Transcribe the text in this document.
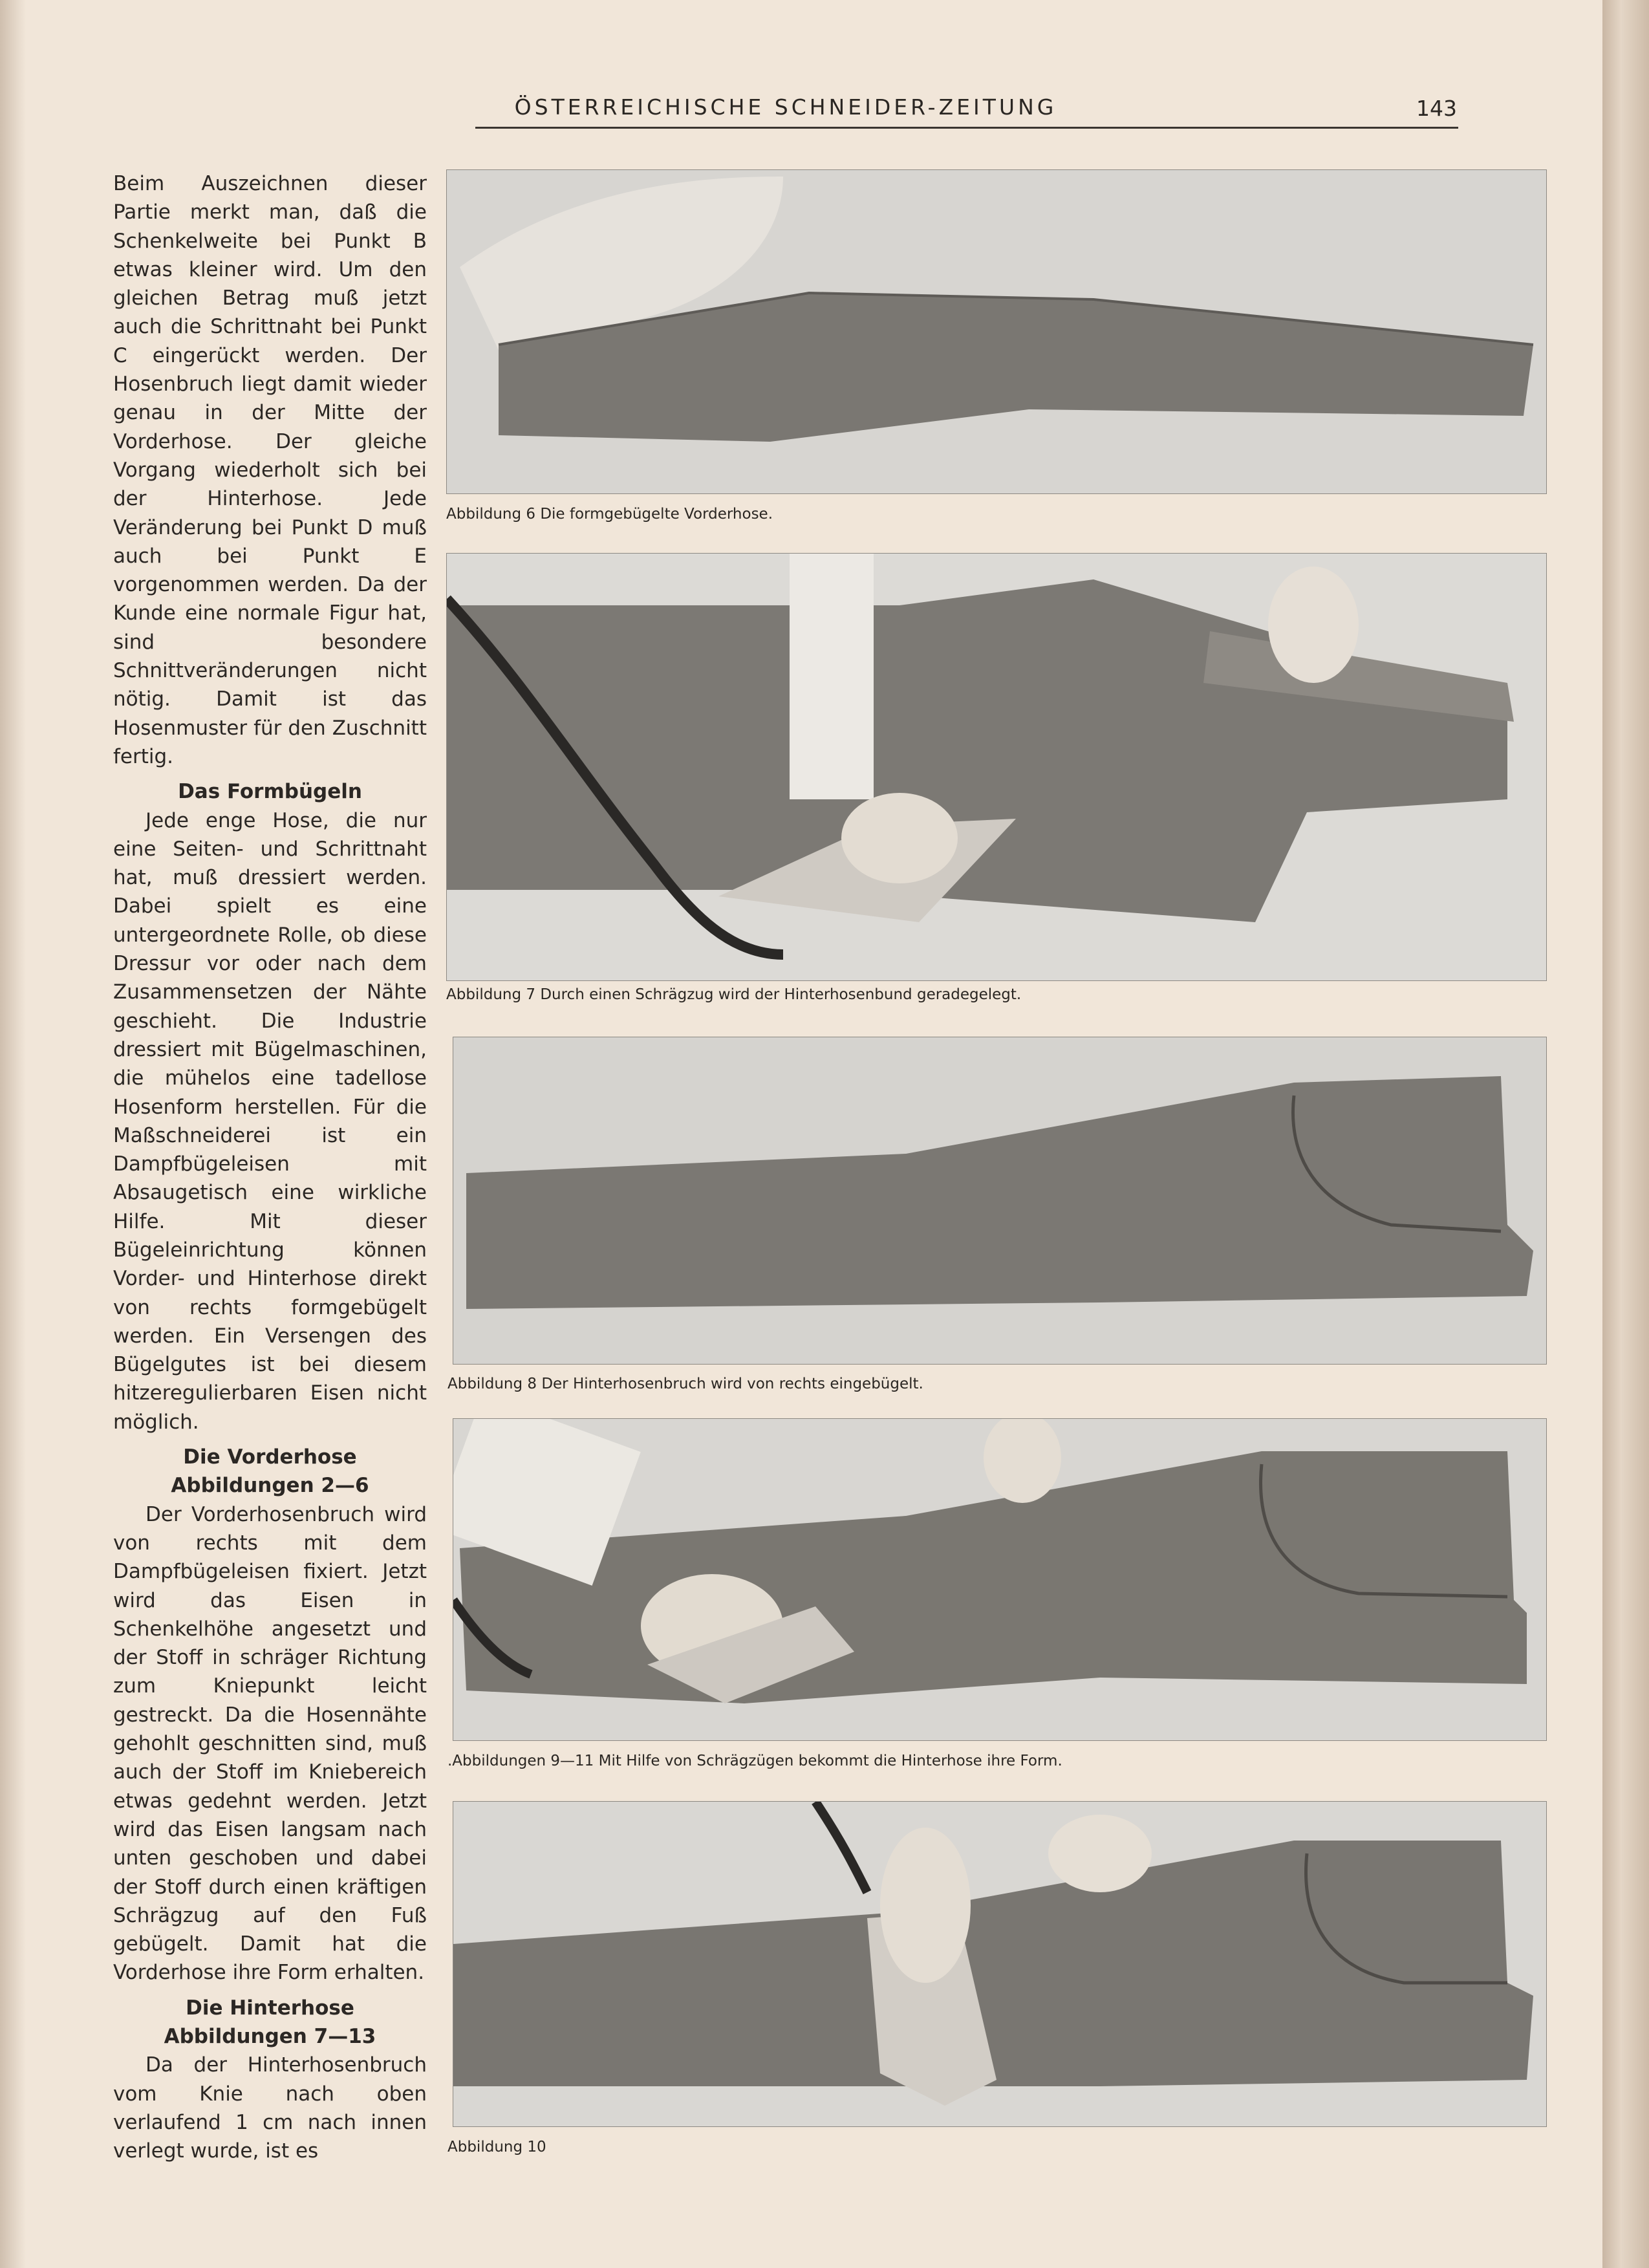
ÖSTERREICHISCHE SCHNEIDER-ZEITUNG	143

Beim Auszeichnen dieser Partie merkt man, daß die Schenkelweite bei Punkt B etwas kleiner wird. Um den gleichen Betrag muß jetzt auch die Schrittnaht bei Punkt C eingerückt werden. Der Hosenbruch liegt damit wieder genau in der Mitte der Vorderhose. Der gleiche Vorgang wiederholt sich bei der Hinterhose. Jede Veränderung bei Punkt D muß auch bei Punkt E vorgenommen werden. Da der Kunde eine normale Figur hat, sind besondere Schnittveränderungen nicht nötig. Damit ist das Hosenmuster für den Zuschnitt fertig.

Das Formbügeln

Jede enge Hose, die nur eine Seiten- und Schrittnaht hat, muß dressiert werden. Dabei spielt es eine untergeordnete Rolle, ob diese Dressur vor oder nach dem Zusammensetzen der Nähte geschieht. Die Industrie dressiert mit Bügelmaschinen, die mühelos eine tadellose Hosenform herstellen. Für die Maßschneiderei ist ein Dampfbügeleisen mit Absaugetisch eine wirkliche Hilfe. Mit dieser Bügeleinrichtung können Vorder- und Hinterhose direkt von rechts formgebügelt werden. Ein Versengen des Bügelgutes ist bei diesem hitzeregulierbaren Eisen nicht möglich.

Die Vorderhose
Abbildungen 2—6

Der Vorderhosenbruch wird von rechts mit dem Dampfbügeleisen fixiert. Jetzt wird das Eisen in Schenkelhöhe angesetzt und der Stoff in schräger Richtung zum Kniepunkt leicht gestreckt. Da die Hosennähte gehohlt geschnitten sind, muß auch der Stoff im Kniebereich etwas gedehnt werden. Jetzt wird das Eisen langsam nach unten geschoben und dabei der Stoff durch einen kräftigen Schrägzug auf den Fuß gebügelt. Damit hat die Vorderhose ihre Form erhalten.

Die Hinterhose
Abbildungen 7—13

Da der Hinterhosenbruch vom Knie nach oben verlaufend 1 cm nach innen verlegt wurde, ist es

Abbildung 6 Die formgebügelte Vorderhose.
Abbildung 7 Durch einen Schrägzug wird der Hinterhosenbund geradegelegt.
Abbildung 8 Der Hinterhosenbruch wird von rechts eingebügelt.
.Abbildungen 9—11 Mit Hilfe von Schrägzügen bekommt die Hinterhose ihre Form.
Abbildung 10
